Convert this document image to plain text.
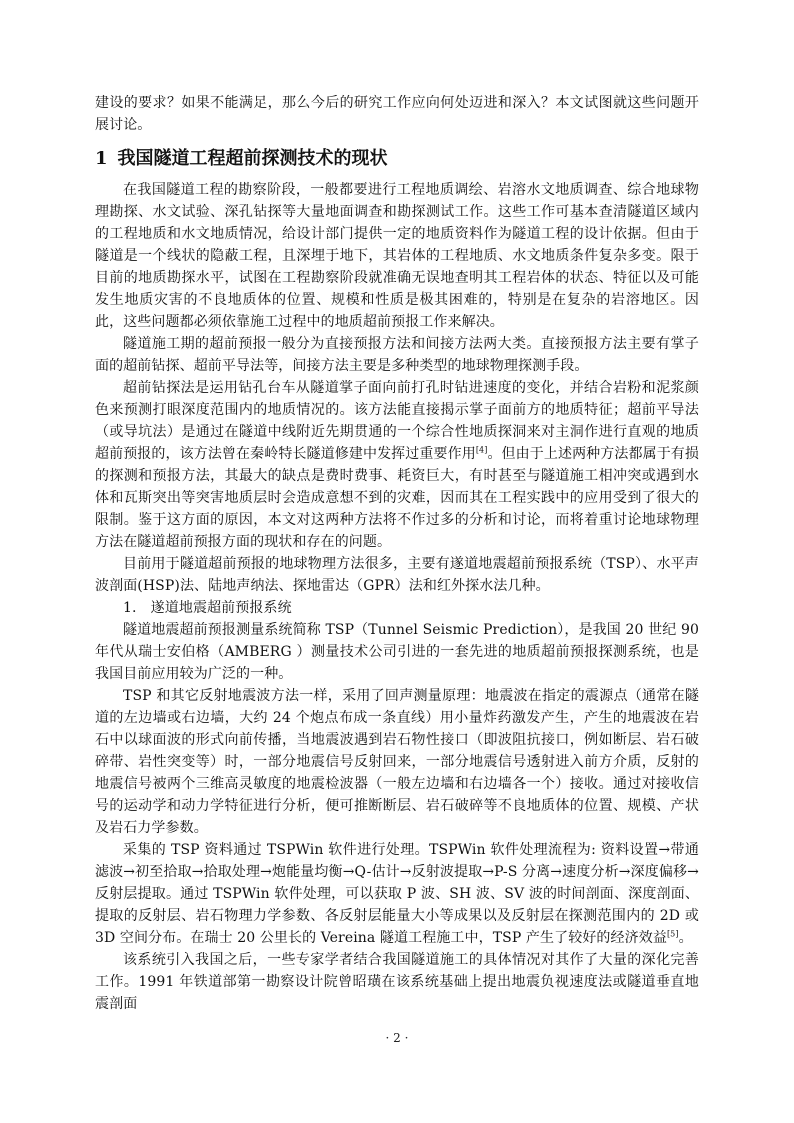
建设的要求？如果不能满足，那么今后的研究工作应向何处迈进和深入？本文试图就这些问题开展讨论。

1 我国隧道工程超前探测技术的现状

在我国隧道工程的勘察阶段，一般都要进行工程地质调绘、岩溶水文地质调查、综合地球物理勘探、水文试验、深孔钻探等大量地面调查和勘探测试工作。这些工作可基本查清隧道区域内的工程地质和水文地质情况，给设计部门提供一定的地质资料作为隧道工程的设计依据。但由于隧道是一个线状的隐蔽工程，且深埋于地下，其岩体的工程地质、水文地质条件复杂多变。限于目前的地质勘探水平，试图在工程勘察阶段就准确无误地查明其工程岩体的状态、特征以及可能发生地质灾害的不良地质体的位置、规模和性质是极其困难的，特别是在复杂的岩溶地区。因此，这些问题都必须依靠施工过程中的地质超前预报工作来解决。

隧道施工期的超前预报一般分为直接预报方法和间接方法两大类。直接预报方法主要有掌子面的超前钻探、超前平导法等，间接方法主要是多种类型的地球物理探测手段。

超前钻探法是运用钻孔台车从隧道掌子面向前打孔时钻进速度的变化，并结合岩粉和泥浆颜色来预测打眼深度范围内的地质情况的。该方法能直接揭示掌子面前方的地质特征；超前平导法（或导坑法）是通过在隧道中线附近先期贯通的一个综合性地质探洞来对主洞作进行直观的地质超前预报的，该方法曾在秦岭特长隧道修建中发挥过重要作用[4]。但由于上述两种方法都属于有损的探测和预报方法，其最大的缺点是费时费事、耗资巨大，有时甚至与隧道施工相冲突或遇到水体和瓦斯突出等突害地质层时会造成意想不到的灾难，因而其在工程实践中的应用受到了很大的限制。鉴于这方面的原因，本文对这两种方法将不作过多的分析和讨论，而将着重讨论地球物理方法在隧道超前预报方面的现状和存在的问题。

目前用于隧道超前预报的地球物理方法很多，主要有遂道地震超前预报系统（TSP）、水平声波剖面(HSP)法、陆地声纳法、探地雷达（GPR）法和红外探水法几种。

1.  遂道地震超前预报系统

隧道地震超前预报测量系统简称 TSP（Tunnel Seismic Prediction），是我国 20 世纪 90 年代从瑞士安伯格（AMBERG ）测量技术公司引进的一套先进的地质超前预报探测系统，也是我国目前应用较为广泛的一种。

TSP 和其它反射地震波方法一样，采用了回声测量原理：地震波在指定的震源点（通常在隧道的左边墙或右边墙，大约 24 个炮点布成一条直线）用小量炸药激发产生，产生的地震波在岩石中以球面波的形式向前传播，当地震波遇到岩石物性接口（即波阻抗接口，例如断层、岩石破碎带、岩性突变等）时，一部分地震信号反射回来，一部分地震信号透射进入前方介质，反射的地震信号被两个三维高灵敏度的地震检波器（一般左边墙和右边墙各一个）接收。通过对接收信号的运动学和动力学特征进行分析，便可推断断层、岩石破碎等不良地质体的位置、规模、产状及岩石力学参数。

采集的 TSP 资料通过 TSPWin 软件进行处理。TSPWin 软件处理流程为: 资料设置→带通滤波→初至拾取→拾取处理→炮能量均衡→Q-估计→反射波提取→P-S 分离→速度分析→深度偏移→反射层提取。通过 TSPWin 软件处理，可以获取 P 波、SH 波、SV 波的时间剖面、深度剖面、提取的反射层、岩石物理力学参数、各反射层能量大小等成果以及反射层在探测范围内的 2D 或 3D 空间分布。在瑞士 20 公里长的 Vereina 隧道工程施工中，TSP 产生了较好的经济效益[5]。

该系统引入我国之后，一些专家学者结合我国隧道施工的具体情况对其作了大量的深化完善工作。1991 年铁道部第一勘察设计院曾昭璜在该系统基础上提出地震负视速度法或隧道垂直地震剖面

· 2 ·
